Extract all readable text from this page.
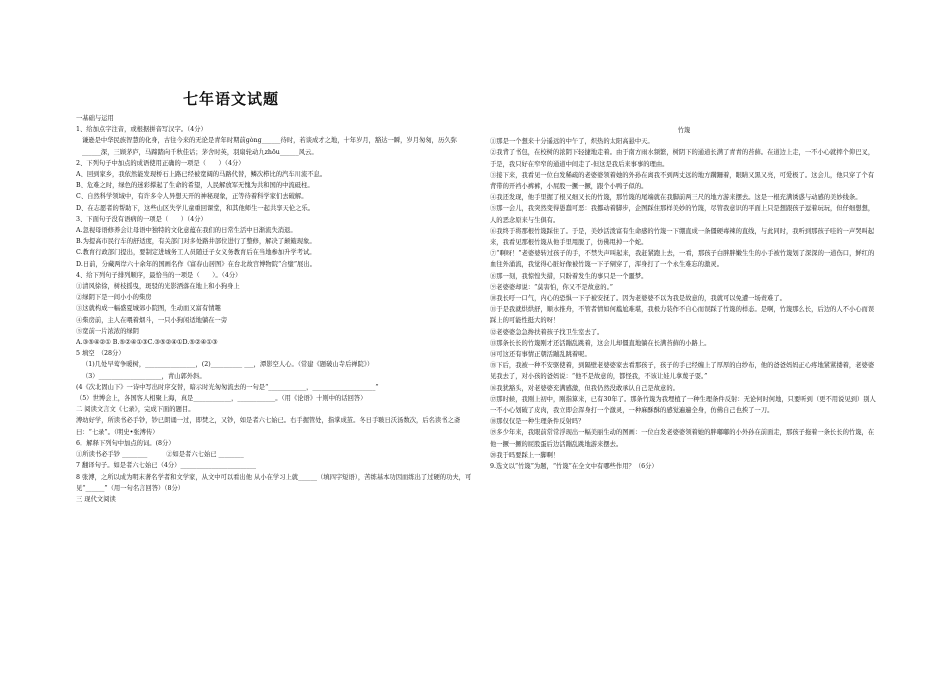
七年语文试题
一基础与运用
1、给加点字注音，或根据拼音写汉字。（4分）
谦逊是中华民族智慧的化身，古往今来的无论是青年时期前ɡònɡ______待时，若谈成才之地，十年岁月，豁达一瞬，岁月匆匆，历久弥______深，三顾茅庐，马蹄踏向千秋佳话；茅舍时英，羽扇轮动九zhōu______风云。
2、下列句子中加点的成语使用正确的一项是（　　）（4分）
A、回到家乡，我依然能发现桥石上路已经被宽阔的马路代替，鳞次栉比的汽车川流不息。
B、危难之时，绿色的迷彩撑起了生命的希望，人民解放军无愧为共和国的中流砥柱。
C、自然科学领域中，有许多令人异想天开的神秘现象，正等待着科学家们去破解。
D、在志愿者的帮助下，这些山区失学儿童重回课堂，和其他师生一起共享天伦之乐。
3、下面句子没有语病的一项是（　　）（4分）
A.忽视母语修养会让母语中独特的文化意蕴在我们的日常生活中日渐流失消退。
B.为提高市民行车的舒适度，有关部门对多处路井部位进行了整修，解决了颠簸现象。
C.教育行政部门提出，要制定进城务工人员随迁子女义务教育后在当地参加升学考试。
D.日前，分藏两岸六十余年的国画名作《富春山居图》在台北故宫博物院“合璧”展出。
4、给下列句子排列顺序，最恰当的一项是（　　）。（4分）
①清风徐徐，树枝摇曳，斑驳的光影洒落在地上和小狗身上
②绿阴下是一间小小的柴房
③这就构成一幅盛夏城郊小院图，生动而又富有情趣
④柴房前，主人在喂着烟斗，一只小狗闲适地躺在一旁
⑤宽前一片浓浓的绿阴
A.③⑤④②① B.⑤②④①③C.③⑤②④①D.⑤②④①③
5 填空　（28分）
（1)几处早莺争暖树，________________，(2)__________ ___，潭影空人心。（常建《题破山寺后禅院》）
（3）____________________，青山郭外斜。
(4《次北固山下》一诗中写出时序交替，暗示时光匆匆流去的一句是“____________，____________________”
（5）世博会上，各国客人相聚上海，真是____________，____________。（用《论语》十则中的话回答）
二 阅读文言文《七录》，完成下面的题目。
溥幼好学，所读书必手钞，钞已朗诵一过，即焚之，又钞，如是者六七始已。右手握管处，指掌成茧。冬日手皲日沃汤数次，后名读书之斋曰：“七录”。（明史•张溥传）
6．解释下列句中加点的词。(8分）
①所读书必手钞 ________　　　②如是者六七始已 ________
7 翻译句子。如是者六七始已（4分）________________________
8 张溥，之所以成为明末著名学者和文学家，从文中可以看出他 从小在学习上就______（填四字短语），苦练基本功因而练出了过硬的功夫，可见“______”（用一句名言回答）（8分）
三 现代文阅读
竹篾
①那是一个想来十分遥远的中午了，炽热的太阳高悬中天。
②我背了书包，在校树的浓阴下轻捷地走着。由于南方雨水频繁，树阴下的通道长满了青青的苔藓。在道边上走，一不小心就摔个仰巴叉，于是，我只好在窄窄的通道中间走了-但这是我后来事事的理由。
③接下来，我看见一位白发稀疏的老婆婆领着她的外孙在离我不到两丈远的地方蹒跚着，眼睛又黑又亮，可爱极了。这会儿，他只穿了个有背带的开裆小裤裤，小屁股一撅一撅，跟个小鸭子似的。
④我还发现，他手里握了根又细又长的竹篾，那竹篾的尾端就在我脚前两三尺的地方游来摆去。这是一根充满诱惑与动感的美妙线条。
⑤那一会儿，我突然变得愚蠢可恶：我挪动着脚步，企图踩住那样美妙的竹篾，尽管我意识的平面上只是想跟孩子逗着玩玩，但仔细想想，人的恶念原来与生俱有。
⑥我终于将那根竹篾踩住了。于是，美妙活泼富有生命感的竹篾一下绷直成一条僵硬毒辣的直线，与此同时，我听到那孩子哇的一声哭叫起来，我看见那根竹篾从他手里甩脱了，仿佛甩掉一个蛇。
⑦“啊呀！”老婆婆转过孩子的手，不禁失声叫起来，我赶紧跑上去，一看，那孩子白胖胖嫩生生的小手被竹篾划了深深的一道伤口，鲜红的血往外涌流，我觉得心脏好像被竹篾一下子剜穿了，浑身打了一个永生难忘的激灵。
⑧那一刻，我惊惶失措，只盼着发生的事只是一个噩梦。
⑨老婆婆却说：“莫害怕，你又不是故意的。”
⑩我长吁一口气，内心的恐惧一下子被安抚了。因为老婆婆不以为我是故意的，我就可以免遭一场责难了。
⑪于是我就烘烘舒，顺水推舟，不管者情如何尴尬难堪，我极力装作不自心而误踩了竹篾的样态。是啊，竹篾那么长，后边的人不小心而误踩上的可能性挺大的呀！
⑫老婆婆急急搀扶着孩子找卫生室去了。
⑬那条长长的竹篾刚才还活蹦乱跳着，这会儿却僵直地躺在长满苔藓的小路上。
⑭可这还有事情正朝活蹦乱跳着呢。
⑮下后，我被一种不安驱使着，到隔壁老婆婆家去看那孩子，孩子的手已经缠上了厚厚的白纱布，他的爸爸妈妈正心疼地紧紧搂着，老婆婆见我去了，对小孩的爸妈说：“他不是故意的，都怪我，不该让娃儿拿蔑子耍。”
⑯我犹豁头，对老婆婆充满感激，但我仍然没敢承认自己是故意的。
⑰那时候，我刚上初中，刚指算来，已有30年了。那条竹篾为我埋植了一种生理条件反射：无论何时何地，只要听到（更不用说见到）别人一不小心划破了皮肉，我立即会浑身打一个激灵，一种麻酥酥的感觉遍遍全身，仿佛自己也挨了一刀。
⑱那仅仅是一种生理条件反射吗？
⑲多少年来，我眼前常常浮现出一幅美丽生动的图画：一位白发老婆婆领着她的胖嘟嘟的小外孙在前面走，那孩子拖着一条长长的竹篾，在他一撅一撅的屁股蛋后边活蹦乱跳地游来摆去。
⑳我于吗要踩上一脚啊！
9.选文以“竹篾”为题，“竹篾”在全文中有哪些作用？（6分）
